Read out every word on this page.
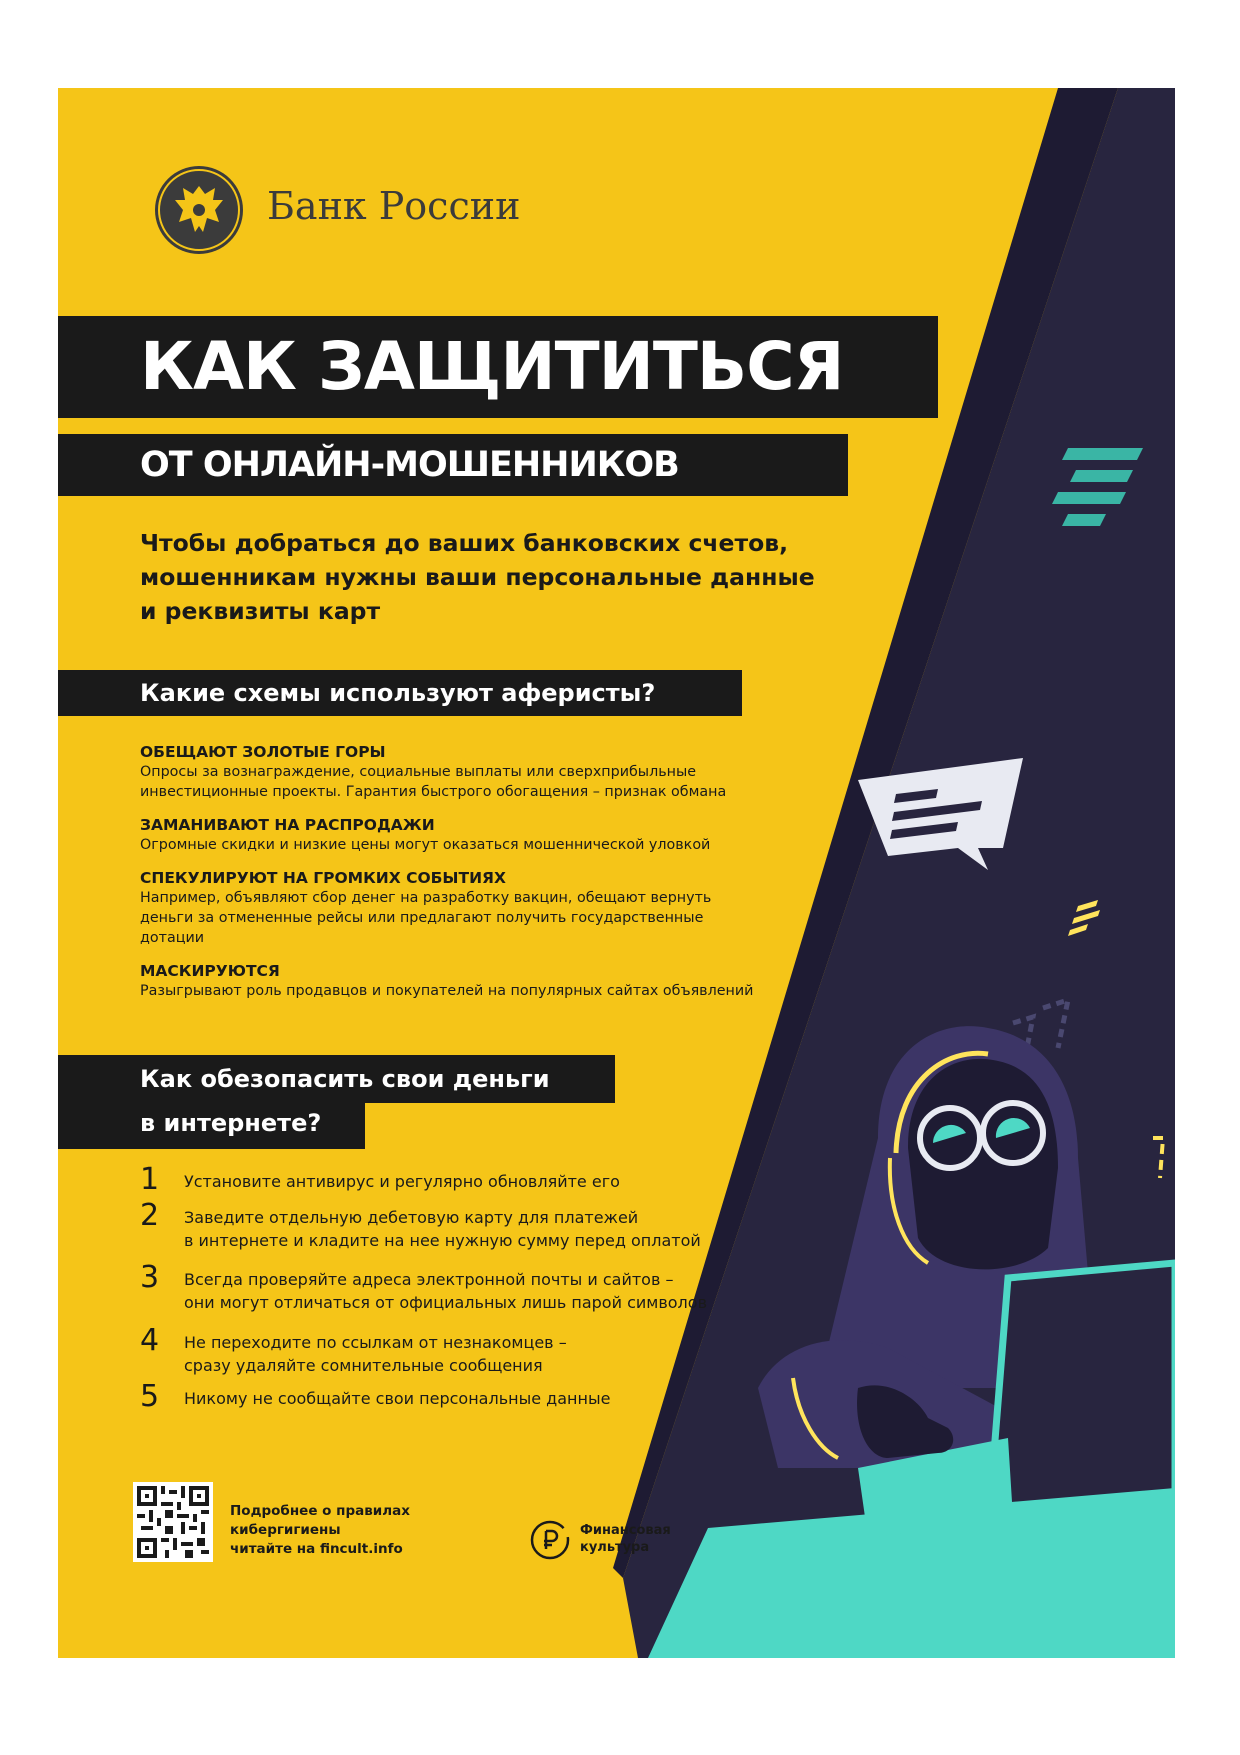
Банк России
КАК ЗАЩИТИТЬСЯ
ОТ ОНЛАЙН-МОШЕННИКОВ
Чтобы добраться до ваших банковских счетов,
мошенникам нужны ваши персональные данные
и реквизиты карт
Какие схемы используют аферисты?
ОБЕЩАЮТ ЗОЛОТЫЕ ГОРЫ
Опросы за вознаграждение, социальные выплаты или сверхприбыльные
инвестиционные проекты. Гарантия быстрого обогащения – признак обмана
ЗАМАНИВАЮТ НА РАСПРОДАЖИ
Огромные скидки и низкие цены могут оказаться мошеннической уловкой
СПЕКУЛИРУЮТ НА ГРОМКИХ СОБЫТИЯХ
Например, объявляют сбор денег на разработку вакцин, обещают вернуть
деньги за отмененные рейсы или предлагают получить государственные
дотации
МАСКИРУЮТСЯ
Разыгрывают роль продавцов и покупателей на популярных сайтах объявлений
Как обезопасить свои деньги
в интернете?
1 Установите антивирус и регулярно обновляйте его
2 Заведите отдельную дебетовую карту для платежей
в интернете и кладите на нее нужную сумму перед оплатой
3 Всегда проверяйте адреса электронной почты и сайтов –
они могут отличаться от официальных лишь парой символов
4 Не переходите по ссылкам от незнакомцев –
сразу удаляйте сомнительные сообщения
5 Никому не сообщайте свои персональные данные
Подробнее о правилах
кибергигиены
читайте на fincult.info
Финансовая
культура
